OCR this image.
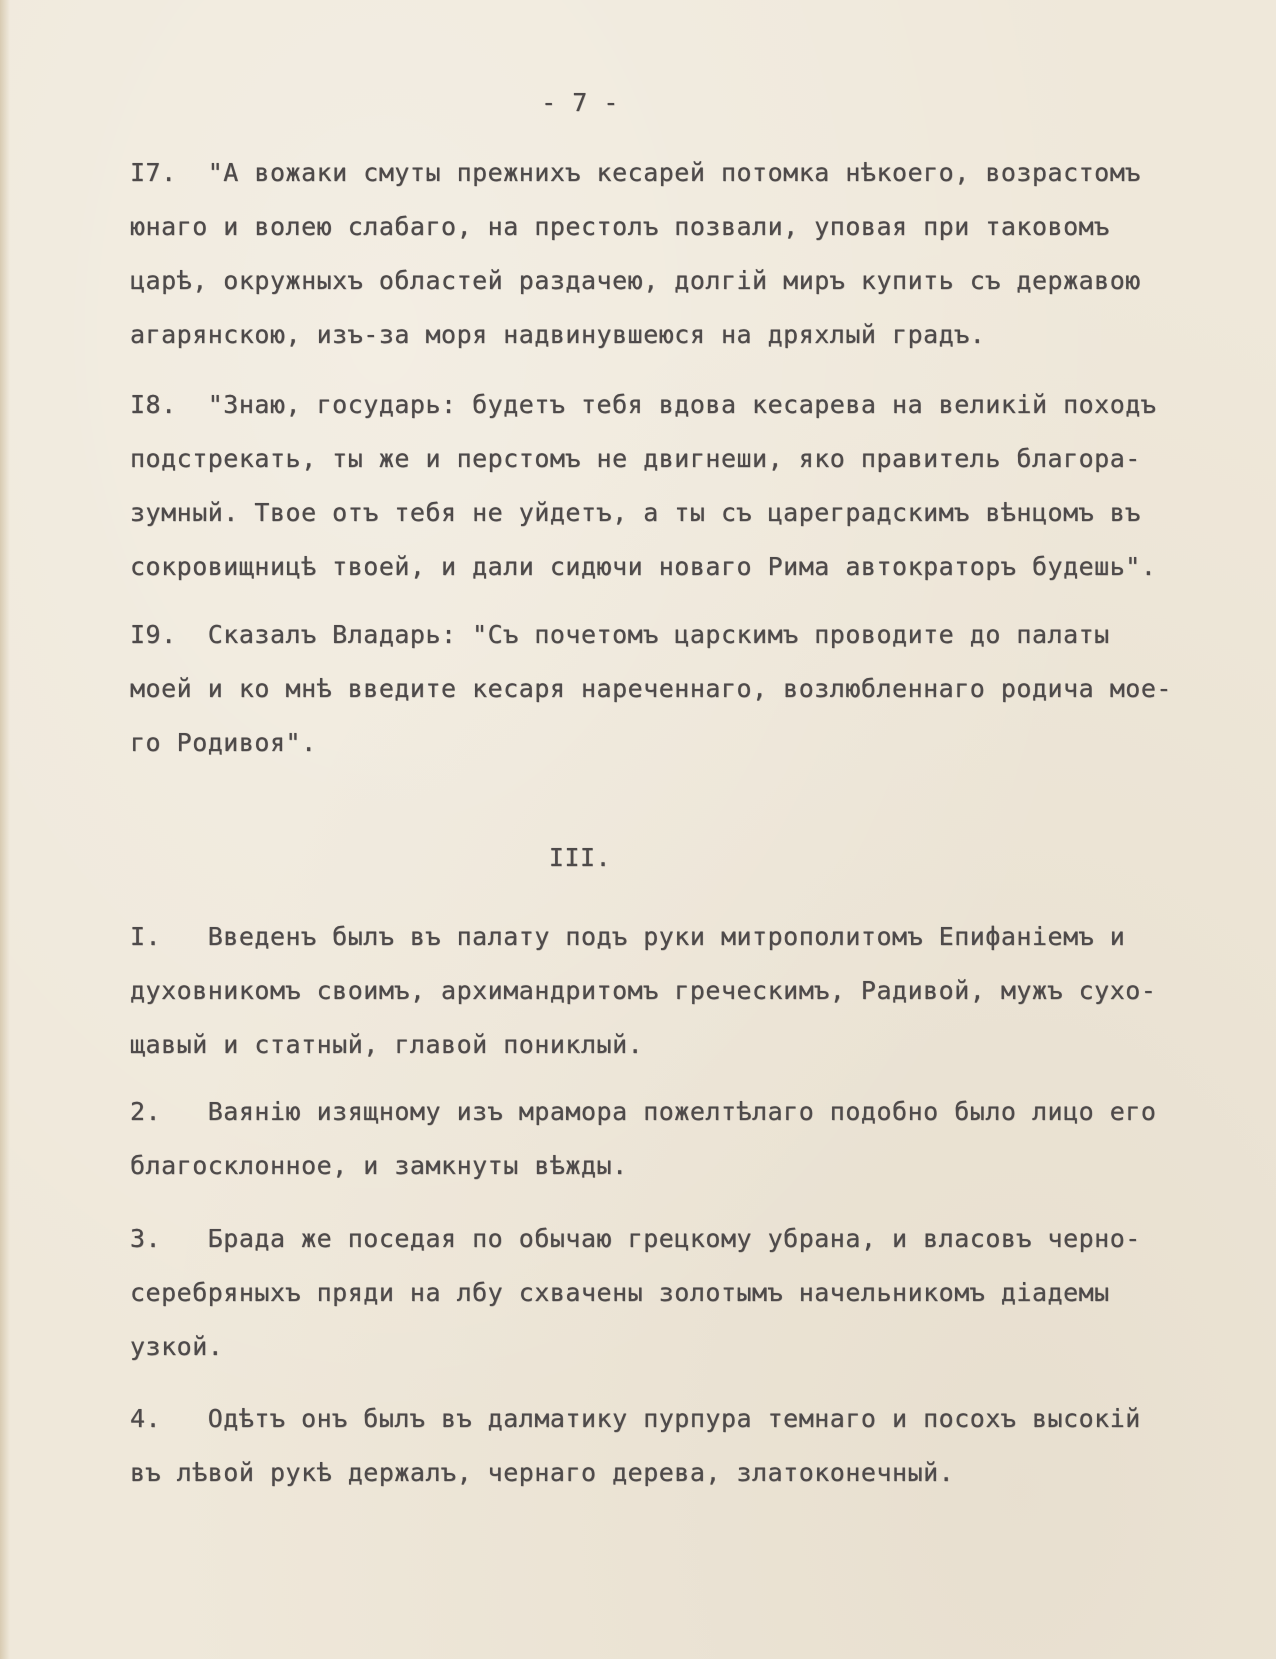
- 7 -
I7.  "А вожаки смуты прежнихъ кесарей потомка нѣкоего, возрастомъ
юнаго и волею слабаго, на престолъ позвали, уповая при таковомъ
царѣ, окружныхъ областей раздачею, долгій миръ купить съ державою
агарянскою, изъ-за моря надвинувшеюся на дряхлый градъ.
I8.  "Знаю, государь: будетъ тебя вдова кесарева на великій походъ
подстрекать, ты же и перстомъ не двигнеши, яко правитель благора-
зумный. Твое отъ тебя не уйдетъ, а ты съ цареградскимъ вѣнцомъ въ
сокровищницѣ твоей, и дали сидючи новаго Рима автократоръ будешь".
I9.  Сказалъ Владарь: "Съ почетомъ царскимъ проводите до палаты
моей и ко мнѣ введите кесаря нареченнаго, возлюбленнаго родича мое-
го Родивоя".
III.
I.   Введенъ былъ въ палату подъ руки митрополитомъ Епифаніемъ и
духовникомъ своимъ, архимандритомъ греческимъ, Радивой, мужъ сухо-
щавый и статный, главой пониклый.
2.   Ваянію изящному изъ мрамора пожелтѣлаго подобно было лицо его
благосклонное, и замкнуты вѣжды.
3.   Брада же поседая по обычаю грецкому убрана, и власовъ черно-
серебряныхъ пряди на лбу схвачены золотымъ начельникомъ діадемы
узкой.
4.   Одѣтъ онъ былъ въ далматику пурпура темнаго и посохъ высокій
въ лѣвой рукѣ держалъ, чернаго дерева, златоконечный.
